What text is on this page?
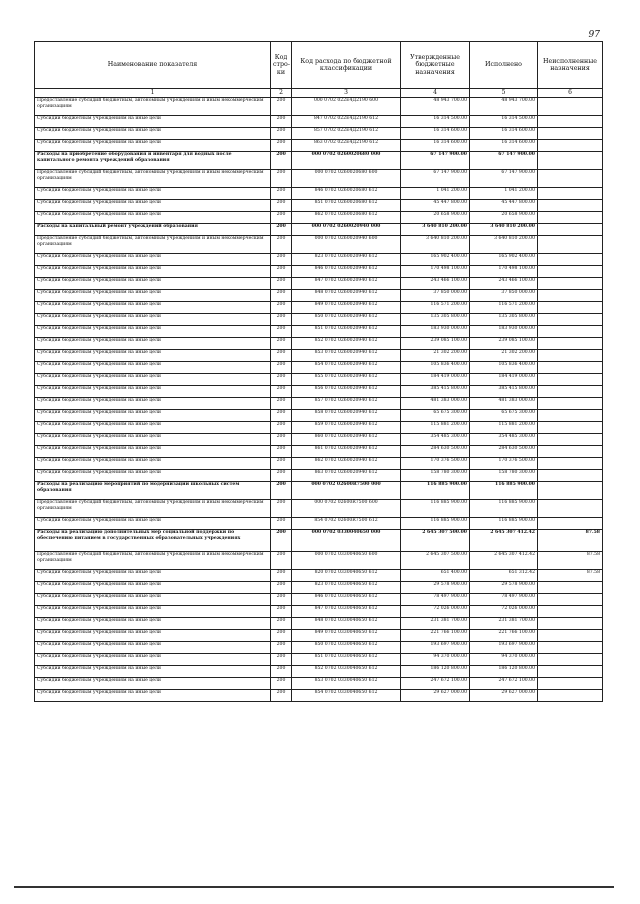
97
Наименование показателя	Код стро-ки	Код расхода по бюджетной классификации	Утвержденные бюджетные назначения	Исполнено	Неисполненные назначения
1	2	3	4	5	6
Предоставление субсидий бюджетным, автономным учреждениям и иным некоммерческим организациям	200	000 0702 022Е4Д2190 600	48 943 700.00	48 943 700.00	
Субсидии бюджетным учреждениям на иные цели	200	847 0702 022Е4Д2190 612	16 314 500.00	16 314 500.00	
Субсидии бюджетным учреждениям на иные цели	200	857 0702 022Е4Д2190 612	16 314 600.00	16 314 600.00	
Субсидии бюджетным учреждениям на иные цели	200	863 0702 022Е4Д2190 612	16 314 600.00	16 314 600.00	
Расходы на приобретение оборудования и инвентаря для водных после капитального ремонта учреждений образования	200	000 0702 0260020680 000	67 147 900.00	67 147 900.00	
Предоставление субсидий бюджетным, автономным учреждениям и иным некоммерческим организациям	200	000 0702 0260020680 600	67 147 900.00	67 147 900.00	
Субсидии бюджетным учреждениям на иные цели	200	846 0702 0260020680 612	1 041 200.00	1 041 200.00	
Субсидии бюджетным учреждениям на иные цели	200	851 0702 0260020680 612	45 447 800.00	45 447 800.00	
Субсидии бюджетным учреждениям на иные цели	200	862 0702 0260020680 612	20 658 900.00	20 658 900.00	
Расходы на капитальный ремонт учреждений образования	200	000 0702 0260020940 000	3 640 810 200.00	3 640 810 200.00	
Предоставление субсидий бюджетным, автономным учреждениям и иным некоммерческим организациям	200	000 0702 0260020940 600	3 640 810 200.00	3 640 810 200.00	
Субсидии бюджетным учреждениям на иные цели	200	823 0702 0260020940 612	165 902 400.00	165 902 400.00	
Субсидии бюджетным учреждениям на иные цели	200	846 0702 0260020940 612	170 498 100.00	170 498 100.00	
Субсидии бюджетным учреждениям на иные цели	200	847 0702 0260020940 612	243 466 100.00	243 466 100.00	
Субсидии бюджетным учреждениям на иные цели	200	848 0702 0260020940 612	37 850 000.00	37 850 000.00	
Субсидии бюджетным учреждениям на иные цели	200	849 0702 0260020940 612	116 571 200.00	116 571 200.00	
Субсидии бюджетным учреждениям на иные цели	200	850 0702 0260020940 612	135 305 800.00	135 305 800.00	
Субсидии бюджетным учреждениям на иные цели	200	851 0702 0260020940 612	183 930 000.00	183 930 000.00	
Субсидии бюджетным учреждениям на иные цели	200	852 0702 0260020940 612	239 085 100.00	239 085 100.00	
Субсидии бюджетным учреждениям на иные цели	200	853 0702 0260020940 612	21 302 200.00	21 302 200.00	
Субсидии бюджетным учреждениям на иные цели	200	854 0702 0260020940 612	105 836 400.00	105 836 400.00	
Субсидии бюджетным учреждениям на иные цели	200	855 0702 0260020940 612	184 419 000.00	184 419 000.00	
Субсидии бюджетным учреждениям на иные цели	200	856 0702 0260020940 612	385 415 800.00	385 415 800.00	
Субсидии бюджетным учреждениям на иные цели	200	857 0702 0260020940 612	481 383 000.00	481 383 000.00	
Субсидии бюджетным учреждениям на иные цели	200	858 0702 0260020940 612	65 675 300.00	65 675 300.00	
Субсидии бюджетным учреждениям на иные цели	200	859 0702 0260020940 612	115 881 200.00	115 881 200.00	
Субсидии бюджетным учреждениям на иные цели	200	860 0702 0260020940 612	354 485 300.00	354 485 300.00	
Субсидии бюджетным учреждениям на иные цели	200	861 0702 0260020940 612	284 630 500.00	284 630 500.00	
Субсидии бюджетным учреждениям на иные цели	200	862 0702 0260020940 612	170 376 500.00	170 376 500.00	
Субсидии бюджетным учреждениям на иные цели	200	863 0702 0260020940 612	158 780 300.00	158 780 300.00	
Расходы на реализацию мероприятий по модернизации школьных систем образования	200	000 0702 02600R7500 000	116 885 900.00	116 885 900.00	
Предоставление субсидий бюджетным, автономным учреждениям и иным некоммерческим организациям	200	000 0702 02600R7500 600	116 885 900.00	116 885 900.00	
Субсидии бюджетным учреждениям на иные цели	200	854 0702 02600R7500 612	116 885 900.00	116 885 900.00	
Расходы на реализацию дополнительных мер социальной поддержки по обеспечению питанием в государственных образовательных учреждениях	200	000 0702 0330040650 000	2 645 307 500.00	2 645 307 412.42	87.58
Предоставление субсидий бюджетным, автономным учреждениям и иным некоммерческим организациям	200	000 0702 0330040650 600	2 645 307 500.00	2 645 307 412.42	87.58
Субсидии бюджетным учреждениям на иные цели	200	820 0702 0330040650 612	651 400.00	651 312.42	87.58
Субсидии бюджетным учреждениям на иные цели	200	823 0702 0330040650 612	29 578 900.00	29 578 900.00	
Субсидии бюджетным учреждениям на иные цели	200	846 0702 0330040650 612	78 497 900.00	78 497 900.00	
Субсидии бюджетным учреждениям на иные цели	200	847 0702 0330040650 612	72 026 000.00	72 026 000.00	
Субсидии бюджетным учреждениям на иные цели	200	848 0702 0330040650 612	231 381 700.00	231 381 700.00	
Субсидии бюджетным учреждениям на иные цели	200	849 0702 0330040650 612	221 766 100.00	221 766 100.00	
Субсидии бюджетным учреждениям на иные цели	200	850 0702 0330040650 612	193 697 900.00	193 697 900.00	
Субсидии бюджетным учреждениям на иные цели	200	851 0702 0330040650 612	94 370 000.00	94 370 000.00	
Субсидии бюджетным учреждениям на иные цели	200	852 0702 0330040650 612	186 120 800.00	186 120 800.00	
Субсидии бюджетным учреждениям на иные цели	200	853 0702 0330040650 612	247 672 100.00	247 672 100.00	
Субсидии бюджетным учреждениям на иные цели	200	854 0702 0330040650 612	29 627 000.00	29 627 000.00	
